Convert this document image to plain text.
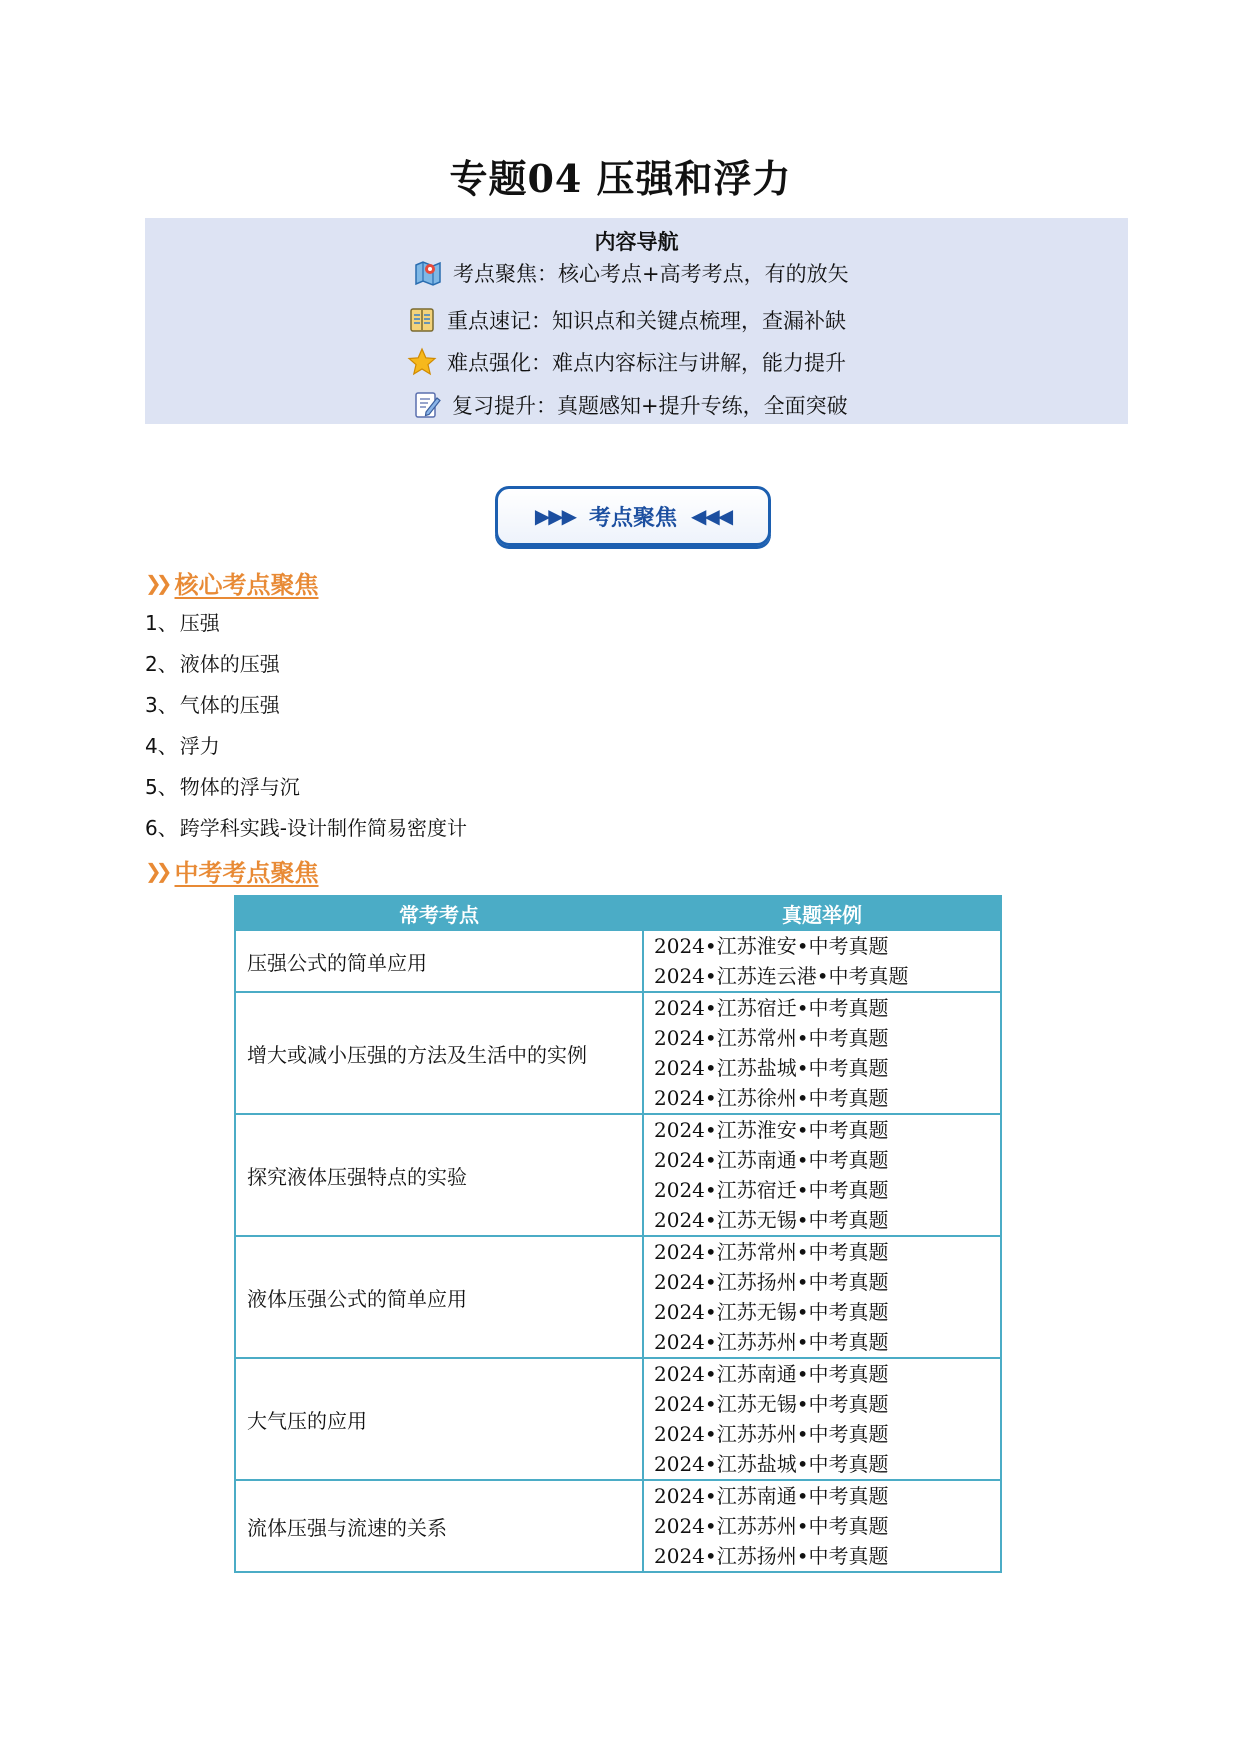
专题04 压强和浮力
内容导航
考点聚焦：核心考点+高考考点，有的放矢
重点速记：知识点和关键点梳理，查漏补缺
难点强化：难点内容标注与讲解，能力提升
复习提升：真题感知+提升专练，全面突破
▶▶▶ 考点聚焦 ◀◀◀
❯❯ 核心考点聚焦
1、 压强
2、 液体的压强
3、 气体的压强
4、 浮力
5、 物体的浮与沉
6、 跨学科实践-设计制作简易密度计
❯❯ 中考考点聚焦
常考考点	真题举例
压强公式的简单应用	2024•江苏淮安•中考真题
2024•江苏连云港•中考真题

增大或减小压强的方法及生活中的实例	2024•江苏宿迁•中考真题
2024•江苏常州•中考真题
2024•江苏盐城•中考真题
2024•江苏徐州•中考真题

探究液体压强特点的实验	2024•江苏淮安•中考真题
2024•江苏南通•中考真题
2024•江苏宿迁•中考真题
2024•江苏无锡•中考真题

液体压强公式的简单应用	2024•江苏常州•中考真题
2024•江苏扬州•中考真题
2024•江苏无锡•中考真题
2024•江苏苏州•中考真题

大气压的应用	2024•江苏南通•中考真题
2024•江苏无锡•中考真题
2024•江苏苏州•中考真题
2024•江苏盐城•中考真题

流体压强与流速的关系	2024•江苏南通•中考真题
2024•江苏苏州•中考真题
2024•江苏扬州•中考真题
